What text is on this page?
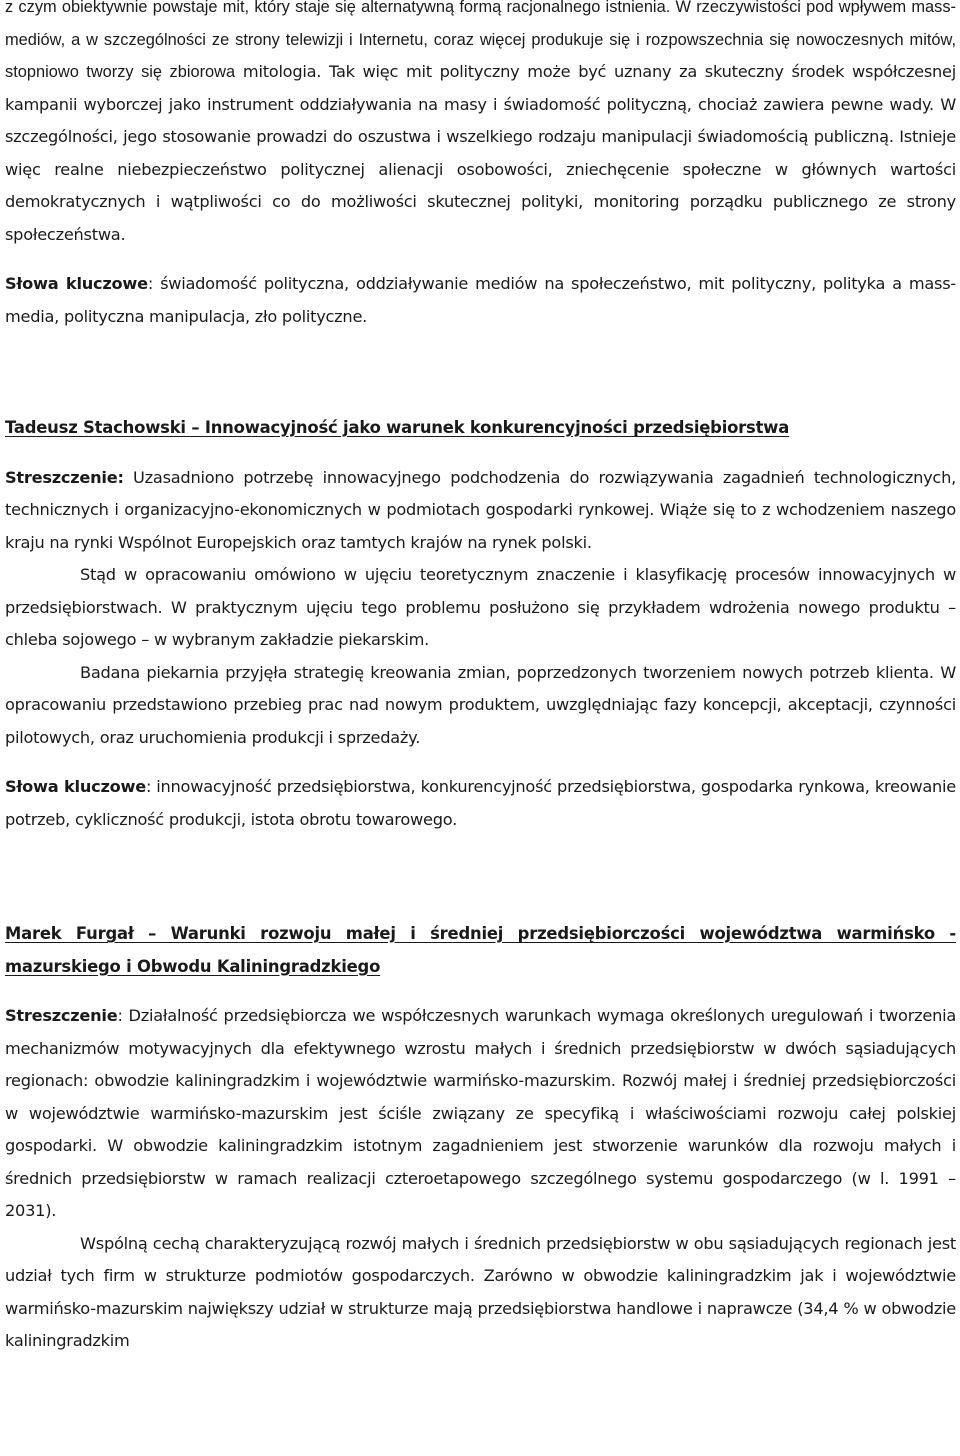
z czym obiektywnie powstaje mit, który staje się alternatywną formą racjonalnego istnienia. W rzeczywistości pod wpływem mass-mediów, a w szczególności ze strony telewizji i Internetu, coraz więcej produkuje się i rozpowszechnia się nowoczesnych mitów, stopniowo tworzy się zbiorowa mitologia. Tak więc mit polityczny może być uznany za skuteczny środek współczesnej kampanii wyborczej jako instrument oddziaływania na masy i świadomość polityczną, chociaż zawiera pewne wady. W szczególności, jego stosowanie prowadzi do oszustwa i wszelkiego rodzaju manipulacji świadomością publiczną. Istnieje więc realne niebezpieczeństwo politycznej alienacji osobowości, zniechęcenie społeczne w głównych wartości demokratycznych i wątpliwości co do możliwości skutecznej polityki, monitoring porządku publicznego ze strony społeczeństwa.

Słowa kluczowe: świadomość polityczna, oddziaływanie mediów na społeczeństwo, mit polityczny, polityka a mass-media, polityczna manipulacja, zło polityczne.

Tadeusz Stachowski – Innowacyjność jako warunek konkurencyjności przedsiębiorstwa

Streszczenie: Uzasadniono potrzebę innowacyjnego podchodzenia do rozwiązywania zagadnień technologicznych, technicznych i organizacyjno-ekonomicznych w podmiotach gospodarki rynkowej. Wiąże się to z wchodzeniem naszego kraju na rynki Wspólnot Europejskich oraz tamtych krajów na rynek polski.

Stąd w opracowaniu omówiono w ujęciu teoretycznym znaczenie i klasyfikację procesów innowacyjnych w przedsiębiorstwach. W praktycznym ujęciu tego problemu posłużono się przykładem wdrożenia nowego produktu – chleba sojowego – w wybranym zakładzie piekarskim.

Badana piekarnia przyjęła strategię kreowania zmian, poprzedzonych tworzeniem nowych potrzeb klienta. W opracowaniu przedstawiono przebieg prac nad nowym produktem, uwzględniając fazy koncepcji, akceptacji, czynności pilotowych, oraz uruchomienia produkcji i sprzedaży.

Słowa kluczowe: innowacyjność przedsiębiorstwa, konkurencyjność przedsiębiorstwa, gospodarka rynkowa, kreowanie potrzeb, cykliczność produkcji, istota obrotu towarowego.

Marek Furgał – Warunki rozwoju małej i średniej przedsiębiorczości województwa warmińsko - mazurskiego i Obwodu Kaliningradzkiego

Streszczenie: Działalność przedsiębiorcza we współczesnych warunkach wymaga określonych uregulowań i tworzenia mechanizmów motywacyjnych dla efektywnego wzrostu małych i średnich przedsiębiorstw w dwóch sąsiadujących regionach: obwodzie kaliningradzkim i województwie warmińsko-mazurskim. Rozwój małej i średniej przedsiębiorczości w województwie warmińsko-mazurskim jest ściśle związany ze specyfiką i właściwościami rozwoju całej polskiej gospodarki. W obwodzie kaliningradzkim istotnym zagadnieniem jest stworzenie warunków dla rozwoju małych i średnich przedsiębiorstw w ramach realizacji czteroetapowego szczególnego systemu gospodarczego (w l. 1991 – 2031).

Wspólną cechą charakteryzującą rozwój małych i średnich przedsiębiorstw w obu sąsiadujących regionach jest udział tych firm w strukturze podmiotów gospodarczych. Zarówno w obwodzie kaliningradzkim jak i województwie warmińsko-mazurskim największy udział w strukturze mają przedsiębiorstwa handlowe i naprawcze (34,4 % w obwodzie kaliningradzkim
